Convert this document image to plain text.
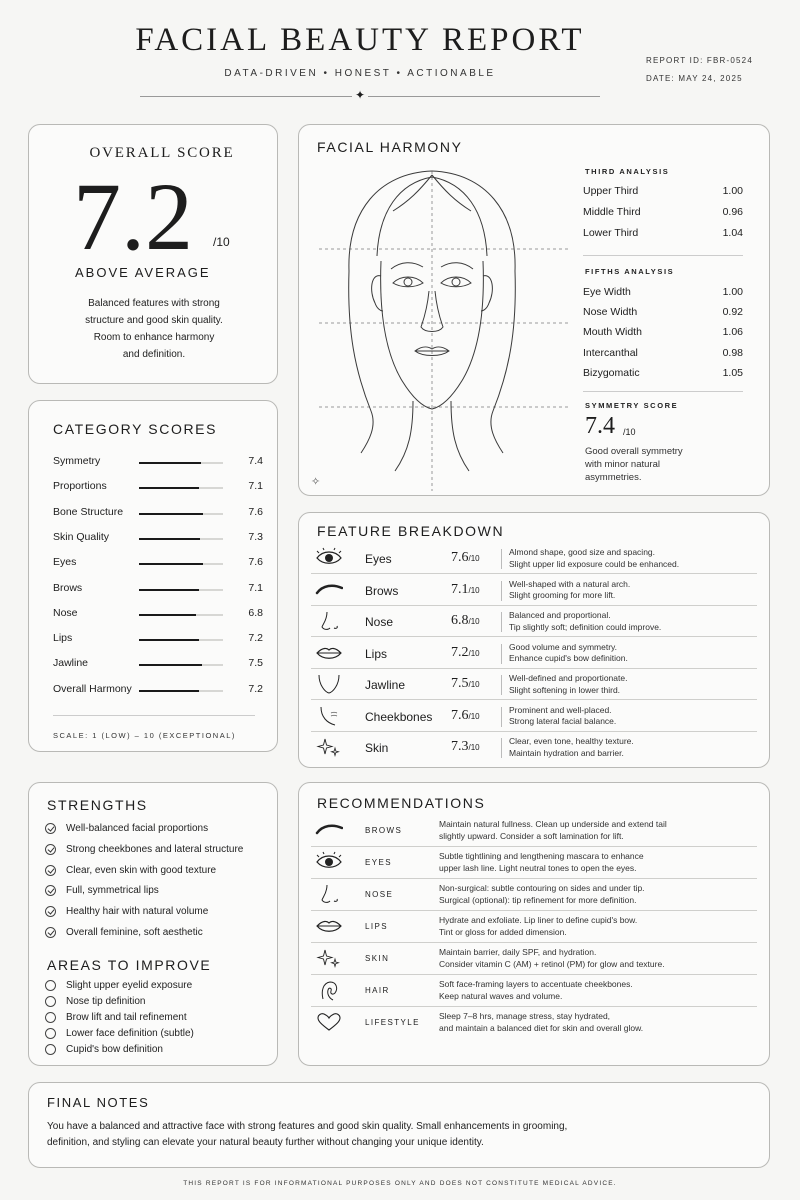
FACIAL BEAUTY REPORT
DATA-DRIVEN • HONEST • ACTIONABLE
REPORT ID: FBR-0524
DATE: MAY 24, 2025
✦
OVERALL SCORE
7.2 /10
ABOVE AVERAGE
Balanced features with strong
structure and good skin quality.
Room to enhance harmony
and definition.
FACIAL HARMONY
THIRD ANALYSIS
Upper Third	1.00
Middle Third	0.96
Lower Third	1.04
FIFTHS ANALYSIS
Eye Width	1.00
Nose Width	0.92
Mouth Width	1.06
Intercanthal	0.98
Bizygomatic	1.05
SYMMETRY SCORE
7.4 /10
Good overall symmetry
with minor natural
asymmetries.
✧
CATEGORY SCORES
Symmetry	7.4
Proportions	7.1
Bone Structure	7.6
Skin Quality	7.3
Eyes	7.6
Brows	7.1
Nose	6.8
Lips	7.2
Jawline	7.5
Overall Harmony	7.2
SCALE: 1 (LOW) – 10 (EXCEPTIONAL)
FEATURE BREAKDOWN
Eyes	7.6/10
Almond shape, good size and spacing.
Slight upper lid exposure could be enhanced.
Brows	7.1/10
Well-shaped with a natural arch.
Slight grooming for more lift.
Nose	6.8/10
Balanced and proportional.
Tip slightly soft; definition could improve.
Lips	7.2/10
Good volume and symmetry.
Enhance cupid's bow definition.
Jawline	7.5/10
Well-defined and proportionate.
Slight softening in lower third.
Cheekbones 7.6/10
Prominent and well-placed.
Strong lateral facial balance.
Skin	7.3/10
Clear, even tone, healthy texture.
Maintain hydration and barrier.
STRENGTHS
Well-balanced facial proportions
Strong cheekbones and lateral structure
Clear, even skin with good texture
Full, symmetrical lips
Healthy hair with natural volume
Overall feminine, soft aesthetic
AREAS TO IMPROVE
Slight upper eyelid exposure
Nose tip definition
Brow lift and tail refinement
Lower face definition (subtle)
Cupid's bow definition
RECOMMENDATIONS
BROWS
Maintain natural fullness. Clean up underside and extend tail
slightly upward. Consider a soft lamination for lift.
EYES
Subtle tightlining and lengthening mascara to enhance
upper lash line. Light neutral tones to open the eyes.
NOSE
Non-surgical: subtle contouring on sides and under tip.
Surgical (optional): tip refinement for more definition.
LIPS
Hydrate and exfoliate. Lip liner to define cupid's bow.
Tint or gloss for added dimension.
SKIN
Maintain barrier, daily SPF, and hydration.
Consider vitamin C (AM) + retinol (PM) for glow and texture.
HAIR
Soft face-framing layers to accentuate cheekbones.
Keep natural waves and volume.
LIFESTYLE
Sleep 7–8 hrs, manage stress, stay hydrated,
and maintain a balanced diet for skin and overall glow.
FINAL NOTES
You have a balanced and attractive face with strong features and good skin quality. Small enhancements in grooming,
definition, and styling can elevate your natural beauty further without changing your unique identity.
THIS REPORT IS FOR INFORMATIONAL PURPOSES ONLY AND DOES NOT CONSTITUTE MEDICAL ADVICE.
